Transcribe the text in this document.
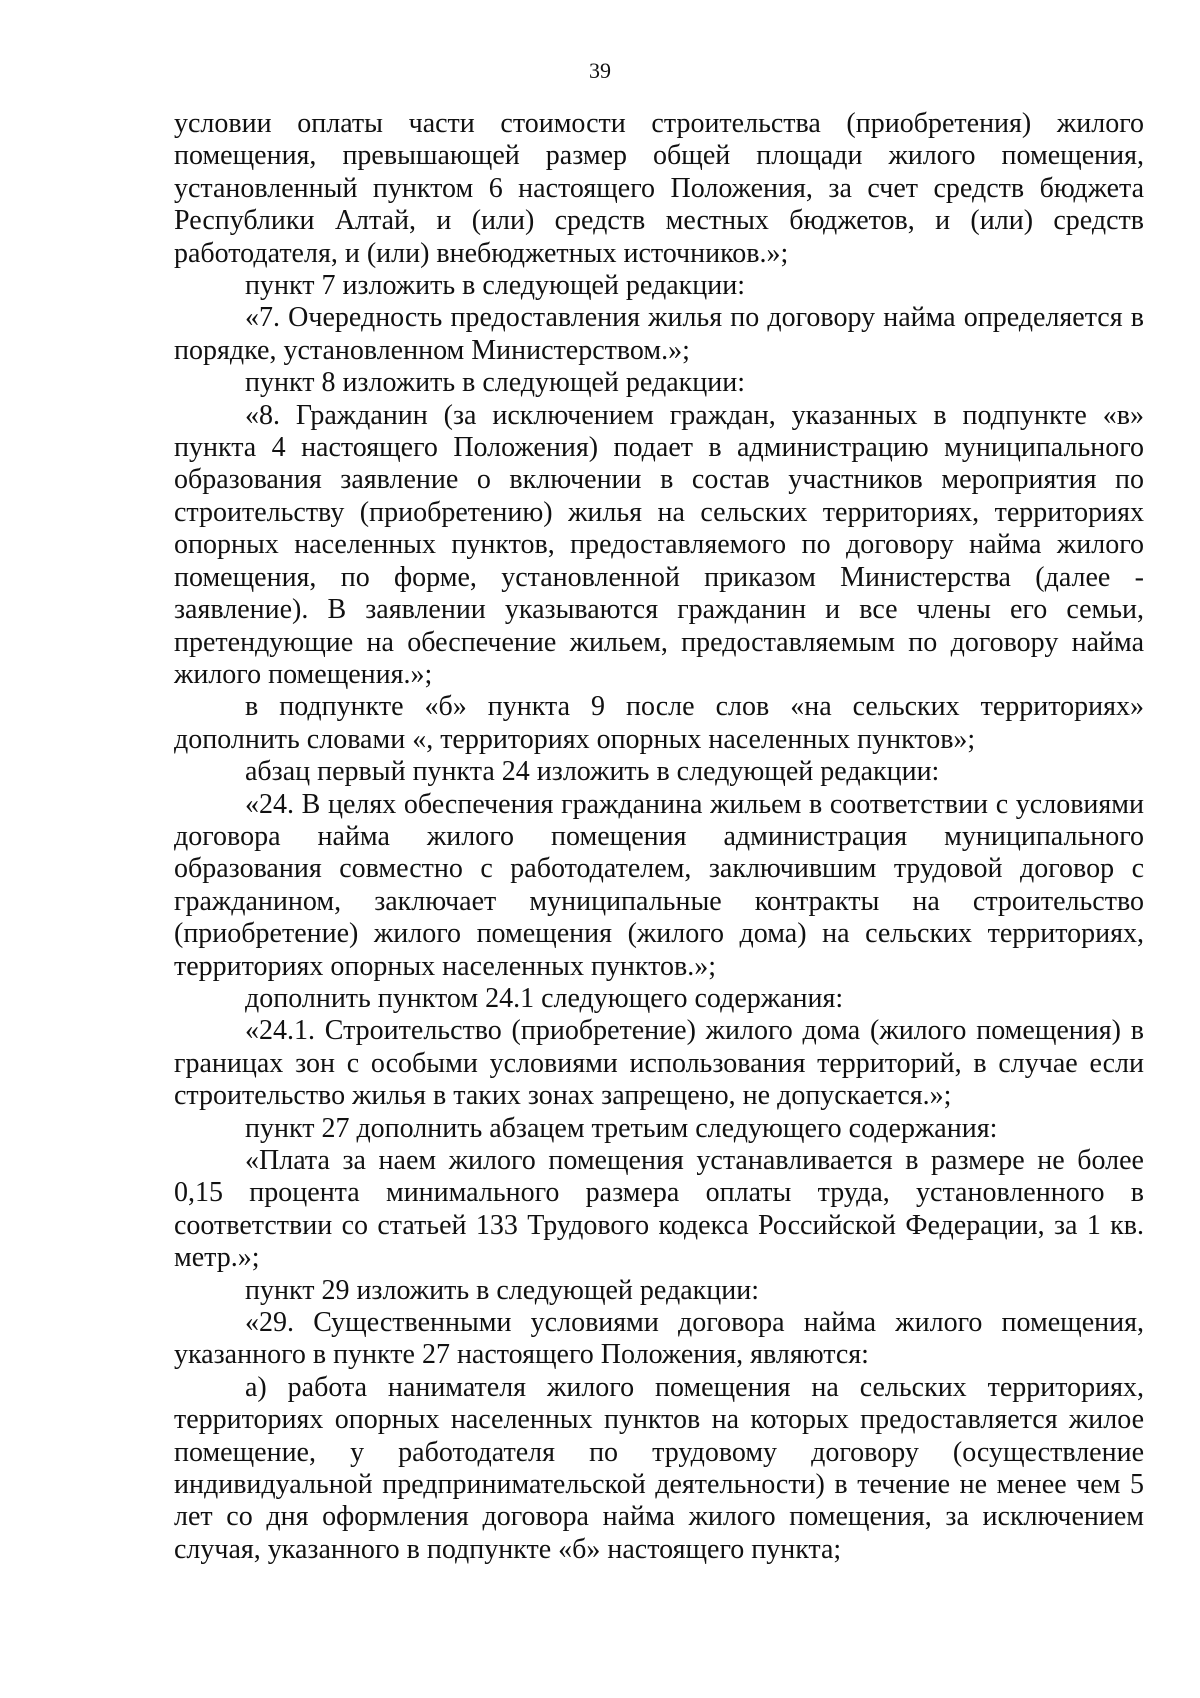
39

условии оплаты части стоимости строительства (приобретения) жилого помещения, превышающей размер общей площади жилого помещения, установленный пунктом 6 настоящего Положения, за счет средств бюджета Республики Алтай, и (или) средств местных бюджетов, и (или) средств работодателя, и (или) внебюджетных источников.»;

пункт 7 изложить в следующей редакции:

«7. Очередность предоставления жилья по договору найма определяется в порядке, установленном Министерством.»;

пункт 8 изложить в следующей редакции:

«8. Гражданин (за исключением граждан, указанных в подпункте «в» пункта 4 настоящего Положения) подает в администрацию муниципального образования заявление о включении в состав участников мероприятия по строительству (приобретению) жилья на сельских территориях, территориях опорных населенных пунктов, предоставляемого по договору найма жилого помещения, по форме, установленной приказом Министерства (далее - заявление). В заявлении указываются гражданин и все члены его семьи, претендующие на обеспечение жильем, предоставляемым по договору найма жилого помещения.»;

в подпункте «б» пункта 9 после слов «на сельских территориях» дополнить словами «, территориях опорных населенных пунктов»;

абзац первый пункта 24 изложить в следующей редакции:

«24. В целях обеспечения гражданина жильем в соответствии с условиями договора найма жилого помещения администрация муниципального образования совместно с работодателем, заключившим трудовой договор с гражданином, заключает муниципальные контракты на строительство (приобретение) жилого помещения (жилого дома) на сельских территориях, территориях опорных населенных пунктов.»;

дополнить пунктом 24.1 следующего содержания:

«24.1. Строительство (приобретение) жилого дома (жилого помещения) в границах зон с особыми условиями использования территорий, в случае если строительство жилья в таких зонах запрещено, не допускается.»;

пункт 27 дополнить абзацем третьим следующего содержания:

«Плата за наем жилого помещения устанавливается в размере не более 0,15 процента минимального размера оплаты труда, установленного в соответствии со статьей 133 Трудового кодекса Российской Федерации, за 1 кв. метр.»;

пункт 29 изложить в следующей редакции:

«29. Существенными условиями договора найма жилого помещения, указанного в пункте 27 настоящего Положения, являются:

а) работа нанимателя жилого помещения на сельских территориях, территориях опорных населенных пунктов на которых предоставляется жилое помещение, у работодателя по трудовому договору (осуществление индивидуальной предпринимательской деятельности) в течение не менее чем 5 лет со дня оформления договора найма жилого помещения, за исключением случая, указанного в подпункте «б» настоящего пункта;
